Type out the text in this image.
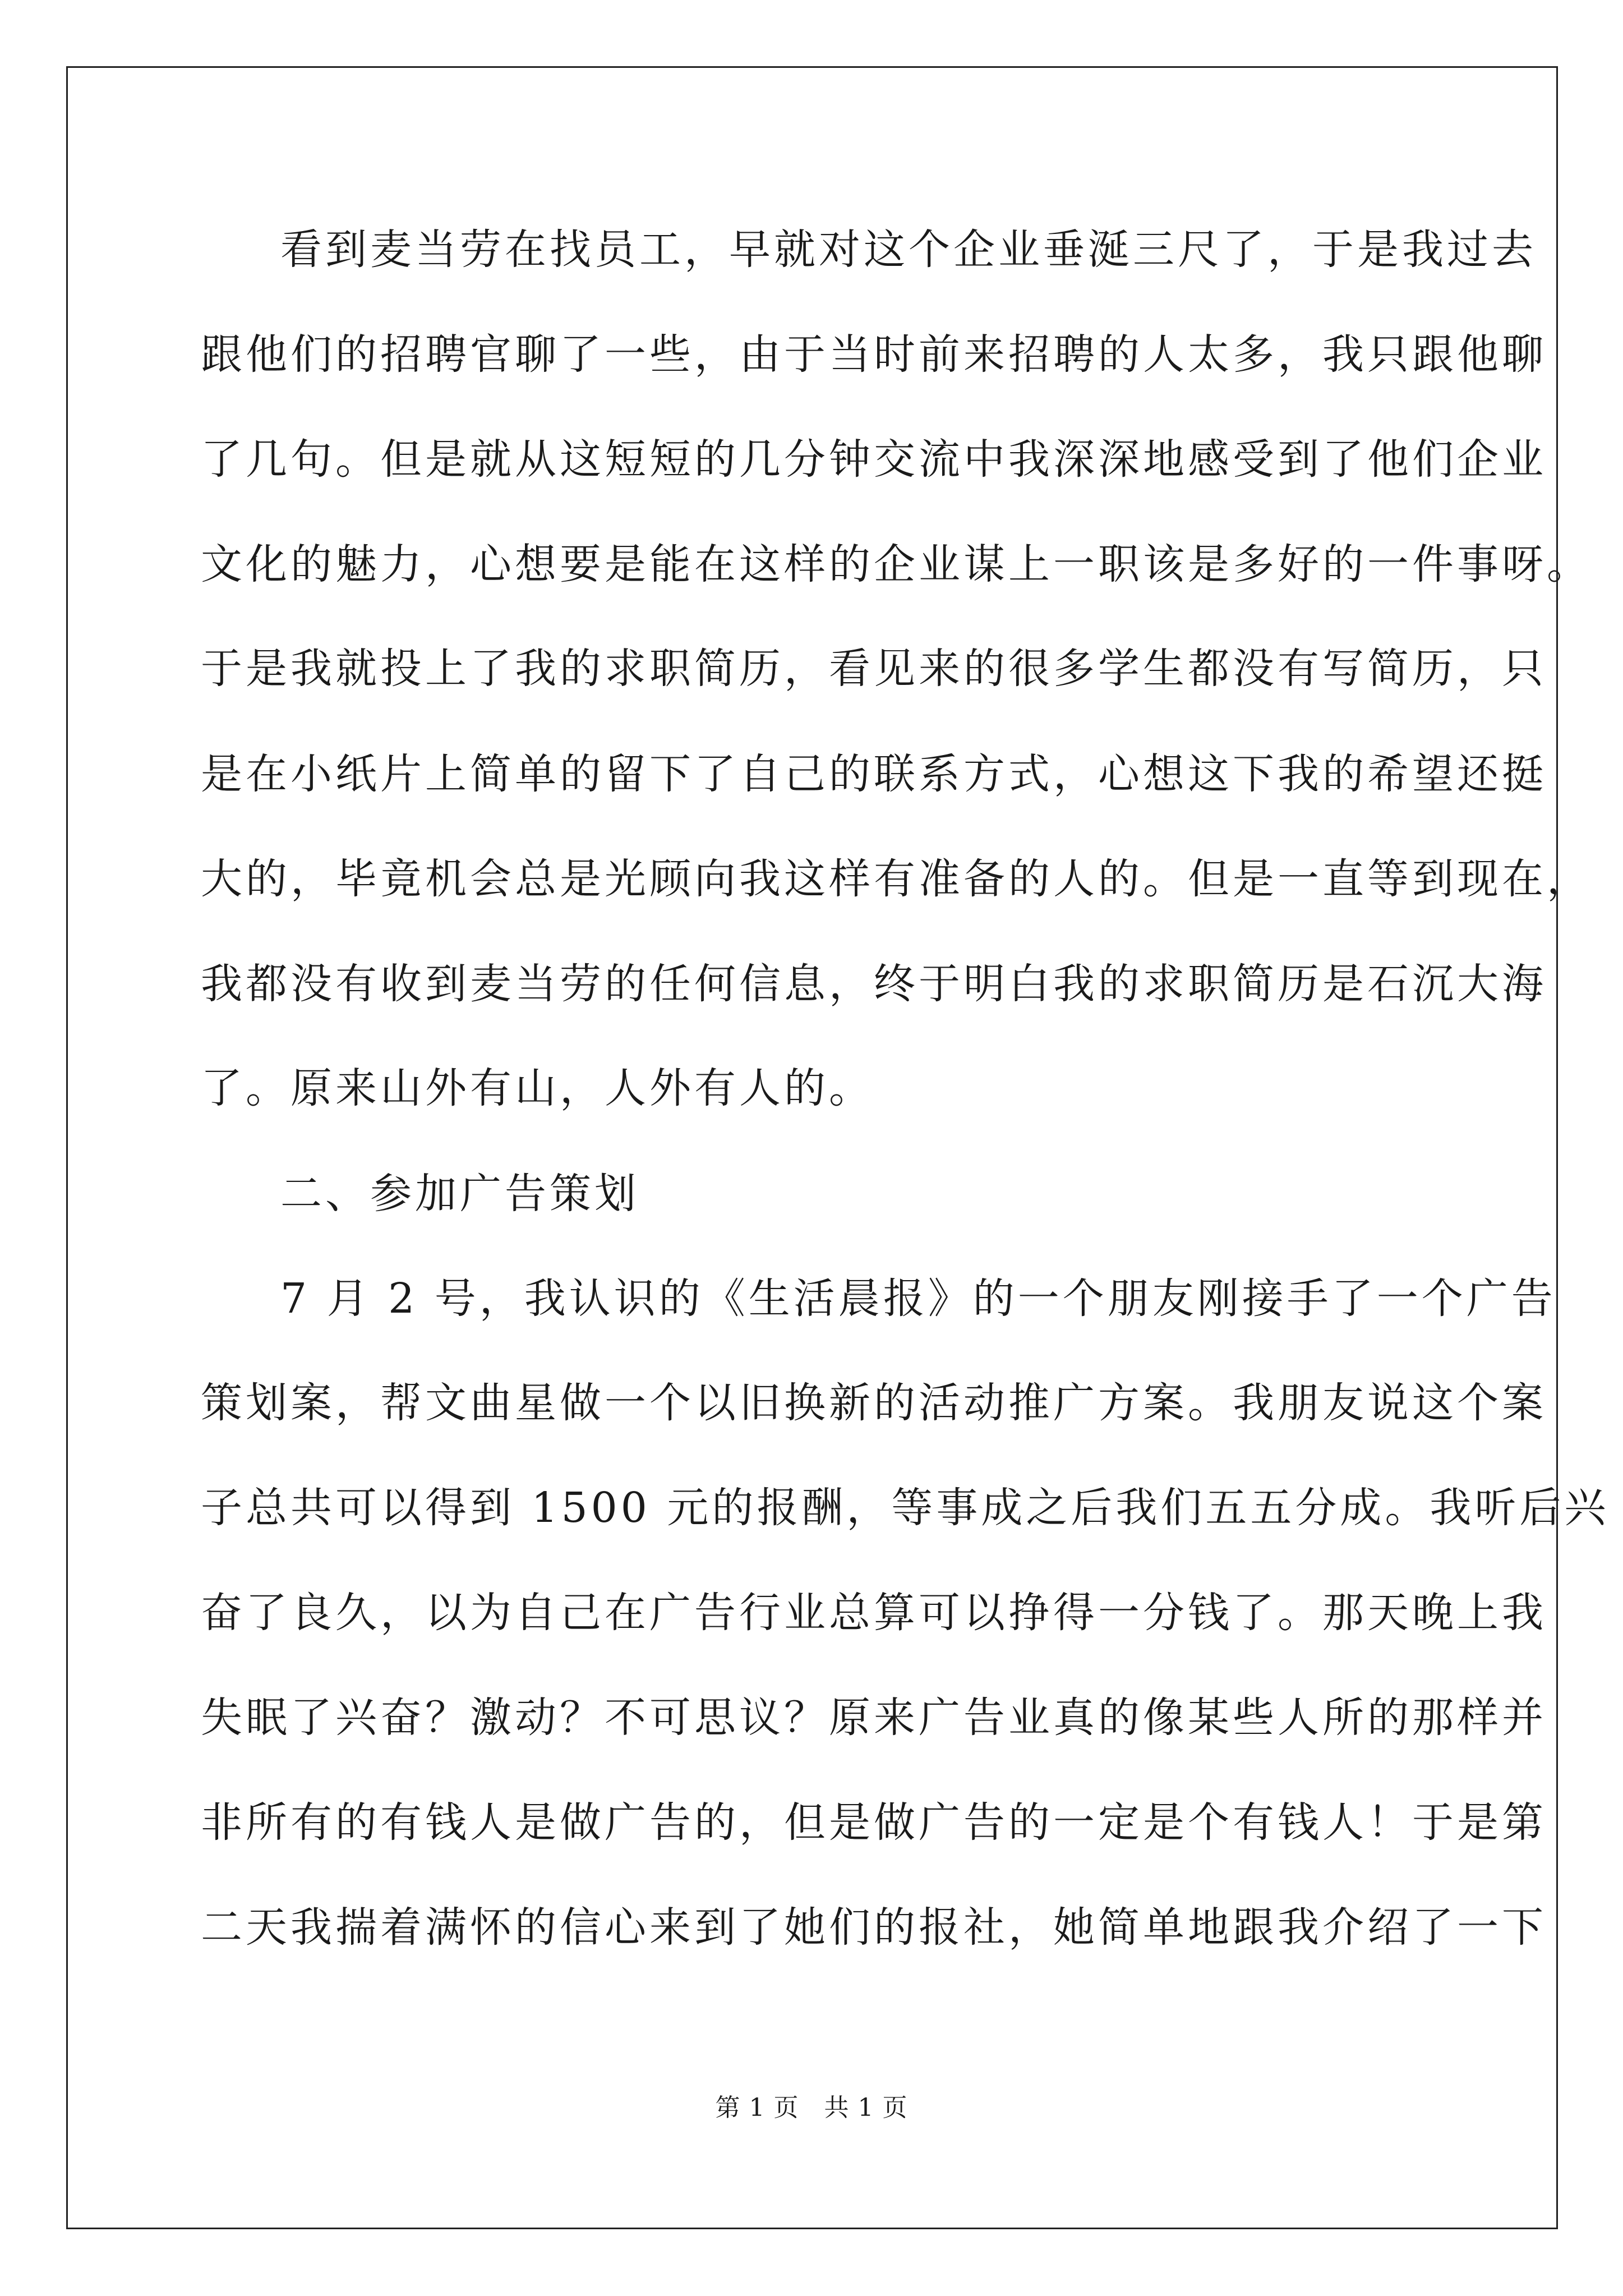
看到麦当劳在找员工，早就对这个企业垂涎三尺了，于是我过去
跟他们的招聘官聊了一些，由于当时前来招聘的人太多，我只跟他聊
了几句。但是就从这短短的几分钟交流中我深深地感受到了他们企业
文化的魅力，心想要是能在这样的企业谋上一职该是多好的一件事呀。
于是我就投上了我的求职简历，看见来的很多学生都没有写简历，只
是在小纸片上简单的留下了自己的联系方式，心想这下我的希望还挺
大的，毕竟机会总是光顾向我这样有准备的人的。但是一直等到现在，
我都没有收到麦当劳的任何信息，终于明白我的求职简历是石沉大海
了。原来山外有山，人外有人的。
二、参加广告策划
7 月 2 号，我认识的《生活晨报》的一个朋友刚接手了一个广告
策划案，帮文曲星做一个以旧换新的活动推广方案。我朋友说这个案
子总共可以得到 1500 元的报酬，等事成之后我们五五分成。我听后兴
奋了良久，以为自己在广告行业总算可以挣得一分钱了。那天晚上我
失眠了兴奋？激动？不可思议？原来广告业真的像某些人所的那样并
非所有的有钱人是做广告的，但是做广告的一定是个有钱人！于是第
二天我揣着满怀的信心来到了她们的报社，她简单地跟我介绍了一下
第 1 页　共 1 页
